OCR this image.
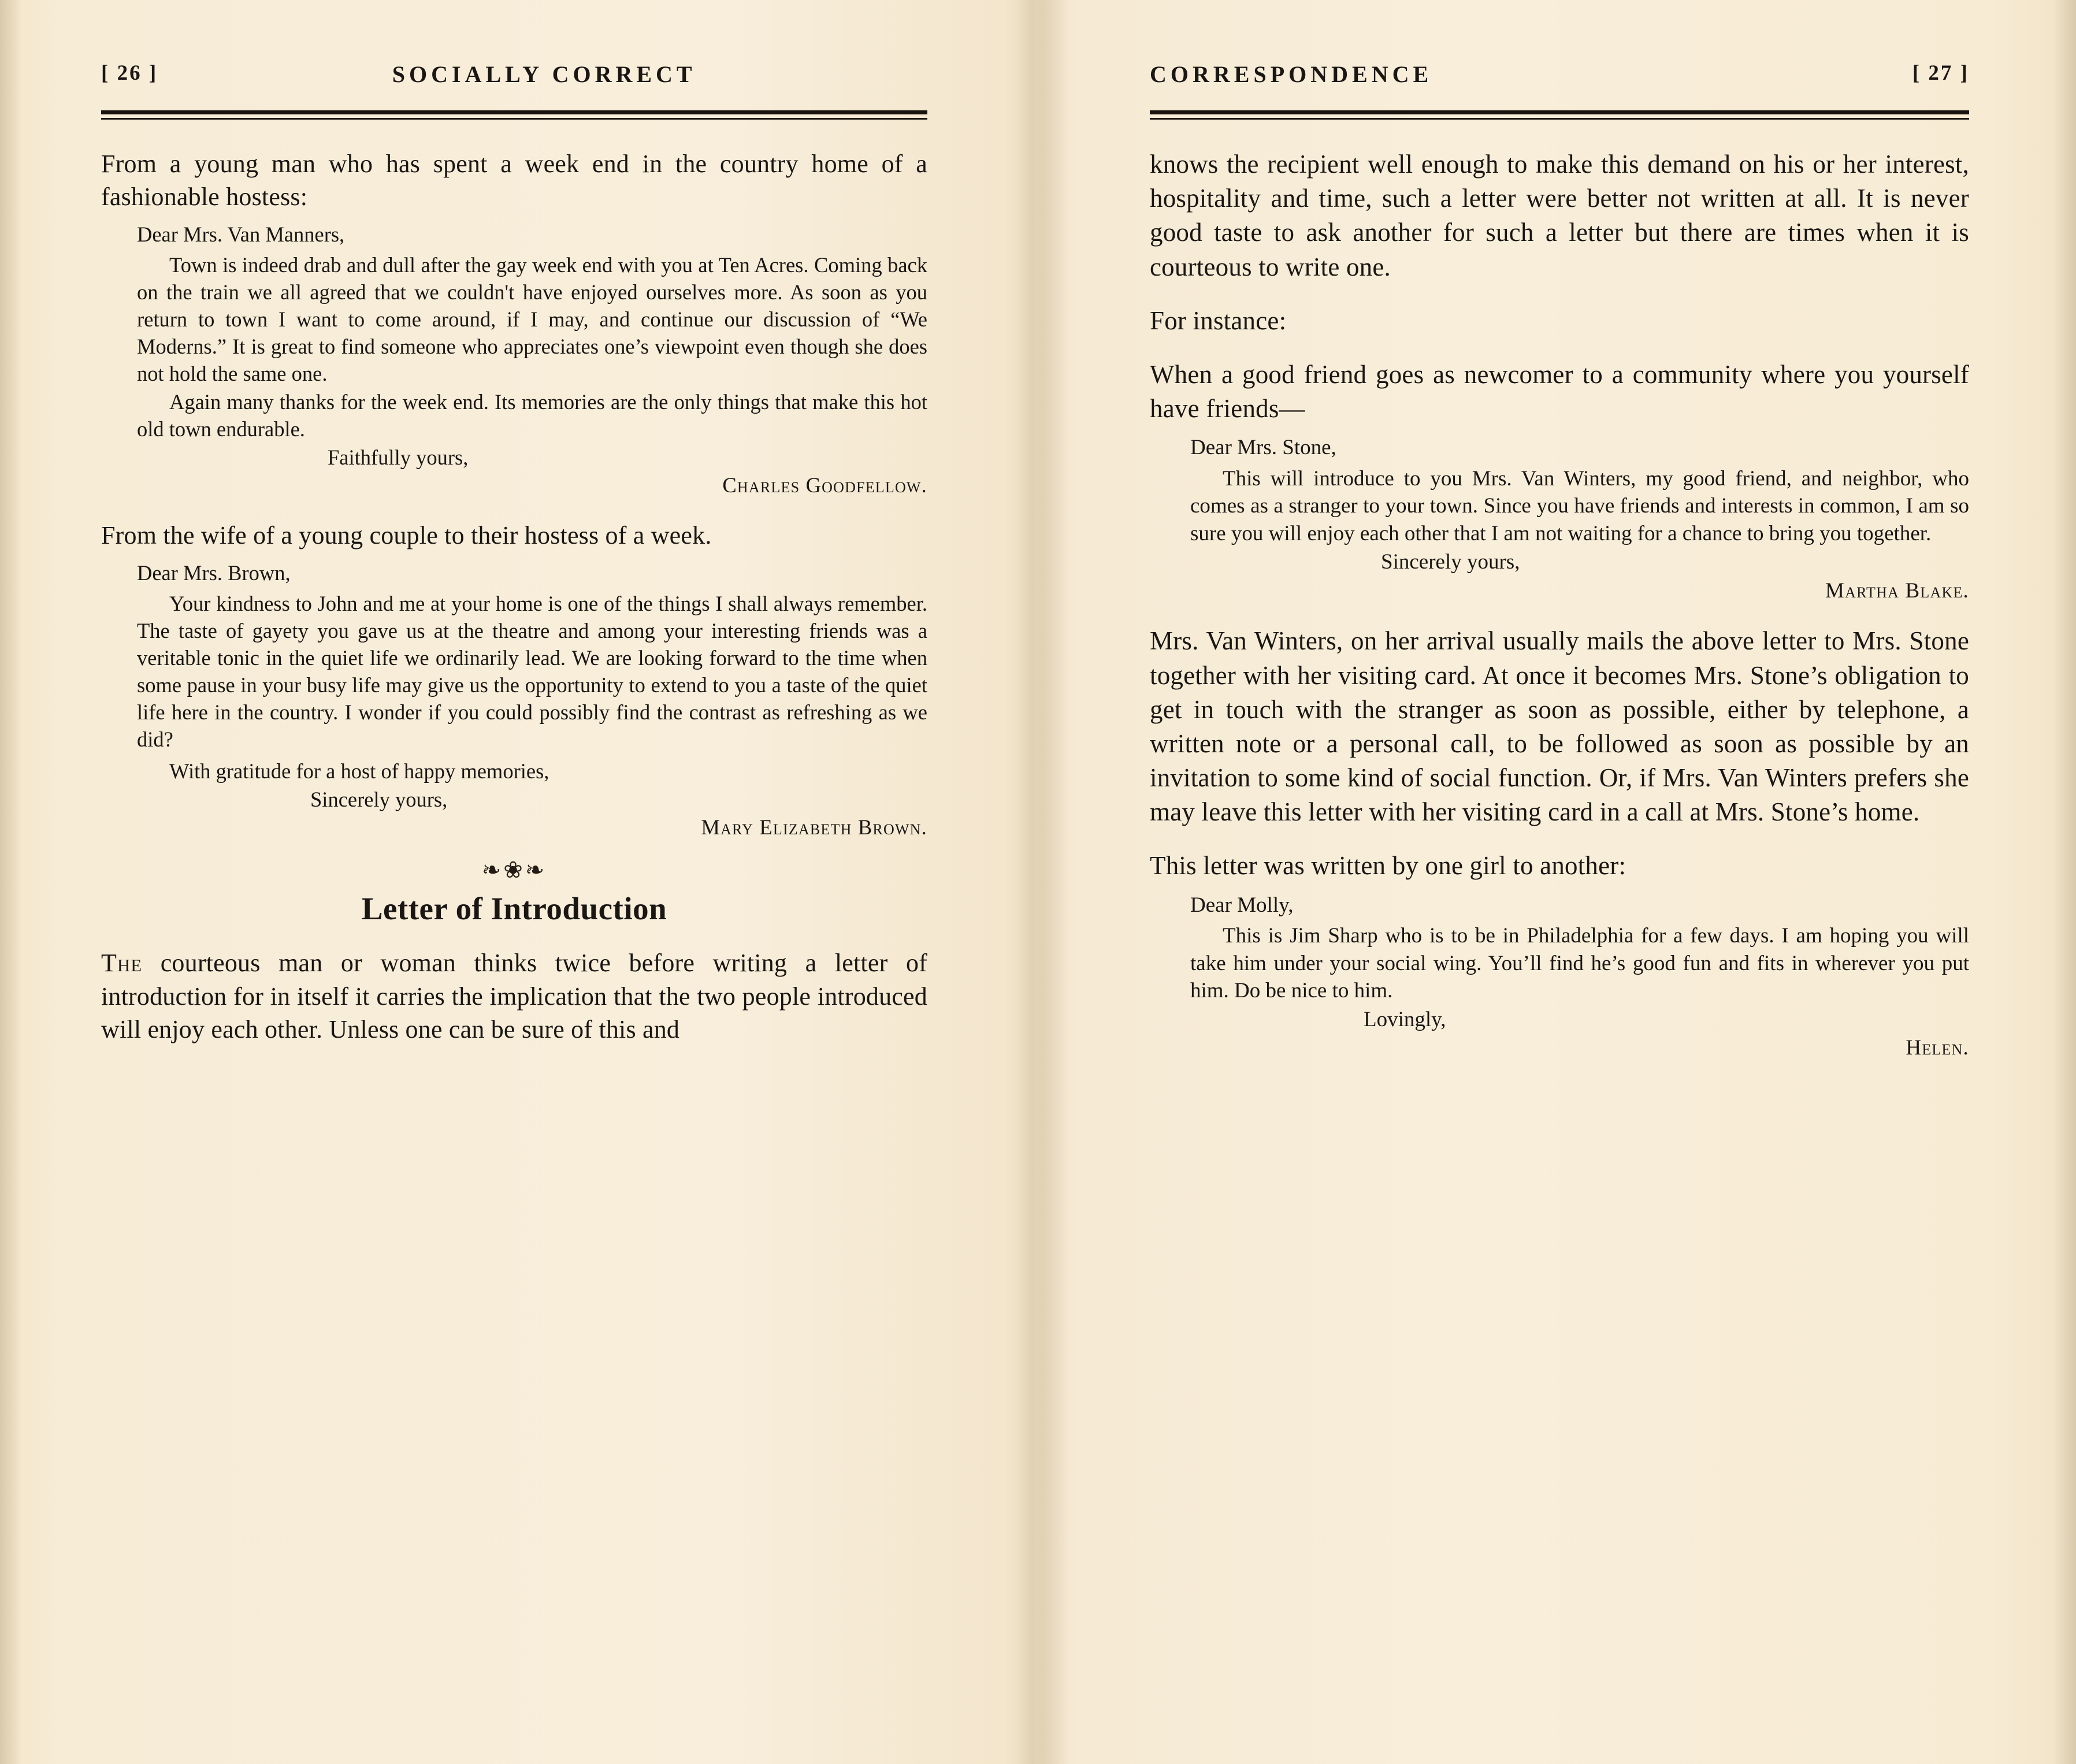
[ 26 ]	SOCIALLY CORRECT

From a young man who has spent a week end in the country home of a fashionable hostess:

Dear Mrs. Van Manners,

Town is indeed drab and dull after the gay week end with you at Ten Acres. Coming back on the train we all agreed that we couldn't have enjoyed ourselves more. As soon as you return to town I want to come around, if I may, and continue our discussion of “We Moderns.” It is great to find someone who appreciates one’s viewpoint even though she does not hold the same one.

Again many thanks for the week end. Its memories are the only things that make this hot old town endurable.

Faithfully yours,

Charles Goodfellow.

From the wife of a young couple to their hostess of a week.

Dear Mrs. Brown,

Your kindness to John and me at your home is one of the things I shall always remember. The taste of gayety you gave us at the theatre and among your interesting friends was a veritable tonic in the quiet life we ordinarily lead. We are looking forward to the time when some pause in your busy life may give us the opportunity to extend to you a taste of the quiet life here in the country. I wonder if you could possibly find the contrast as refreshing as we did?

With gratitude for a host of happy memories,

Sincerely yours,

Mary Elizabeth Brown.

❧❀❧
Letter of Introduction

The courteous man or woman thinks twice before writing a letter of introduction for in itself it carries the implication that the two people introduced will enjoy each other. Unless one can be sure of this and

CORRESPONDENCE	[ 27 ]

knows the recipient well enough to make this demand on his or her interest, hospitality and time, such a letter were better not written at all. It is never good taste to ask another for such a letter but there are times when it is courteous to write one.

For instance:

When a good friend goes as newcomer to a community where you yourself have friends—

Dear Mrs. Stone,

This will introduce to you Mrs. Van Winters, my good friend, and neighbor, who comes as a stranger to your town. Since you have friends and interests in common, I am so sure you will enjoy each other that I am not waiting for a chance to bring you together.

Sincerely yours,

Martha Blake.

Mrs. Van Winters, on her arrival usually mails the above letter to Mrs. Stone together with her visiting card. At once it becomes Mrs. Stone’s obligation to get in touch with the stranger as soon as possible, either by telephone, a written note or a personal call, to be followed as soon as possible by an invitation to some kind of social function. Or, if Mrs. Van Winters prefers she may leave this letter with her visiting card in a call at Mrs. Stone’s home.

This letter was written by one girl to another:

Dear Molly,

This is Jim Sharp who is to be in Philadelphia for a few days. I am hoping you will take him under your social wing. You’ll find he’s good fun and fits in wherever you put him. Do be nice to him.

Lovingly,

Helen.
